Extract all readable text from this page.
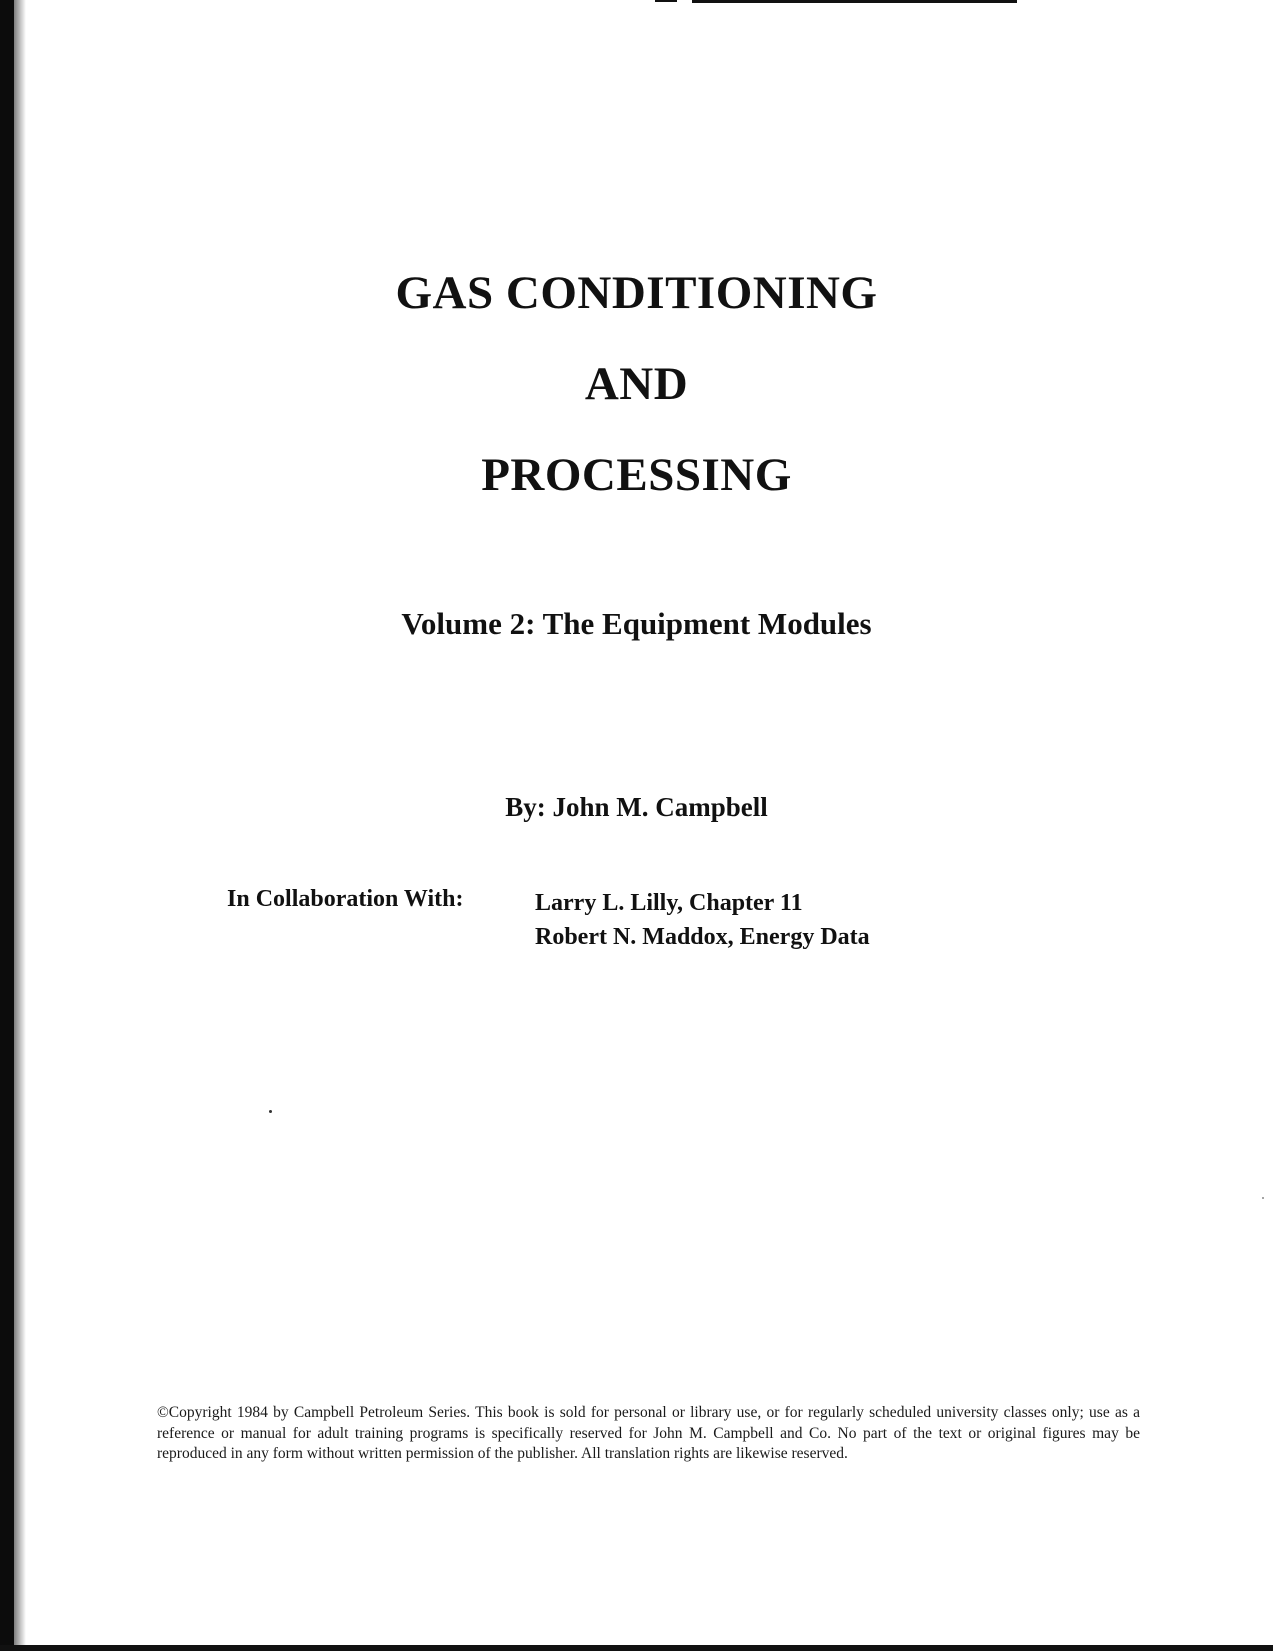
GAS CONDITIONING
AND
PROCESSING
Volume 2: The Equipment Modules
By: John M. Campbell
In Collaboration With:	Larry L. Lilly, Chapter 11
Robert N. Maddox, Energy Data
©Copyright 1984 by Campbell Petroleum Series. This book is sold for personal or library use, or for regularly scheduled university classes only; use as a reference or manual for adult training programs is specifically reserved for John M. Campbell and Co. No part of the text or original figures may be reproduced in any form without written permission of the publisher. All translation rights are likewise reserved.
